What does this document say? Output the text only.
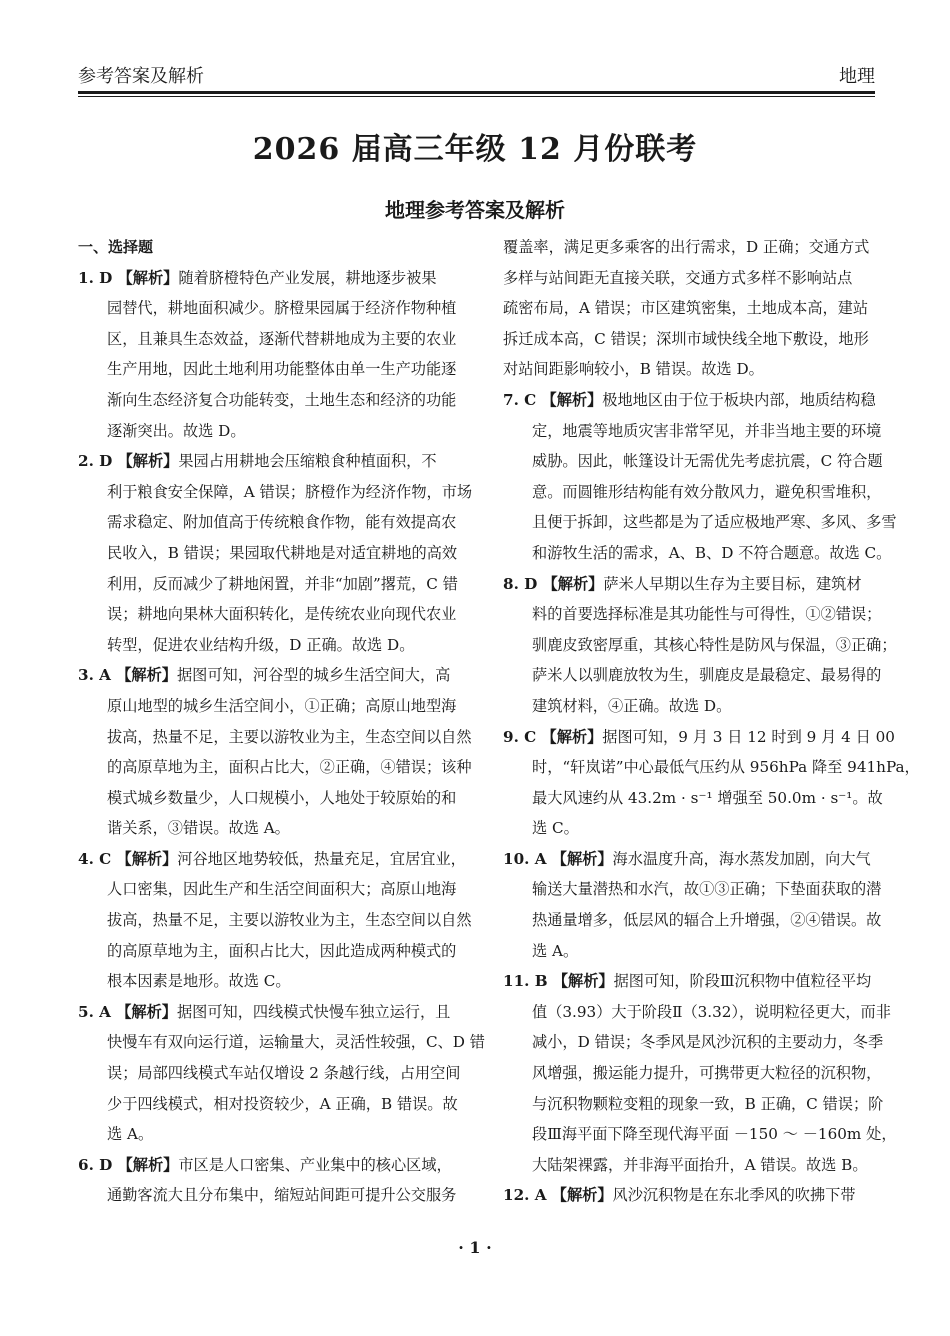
参考答案及解析	地理
2026 届高三年级 12 月份联考
地理参考答案及解析
一、选择题
1. D 【解析】随着脐橙特色产业发展，耕地逐步被果
园替代，耕地面积减少。脐橙果园属于经济作物种植
区，且兼具生态效益，逐渐代替耕地成为主要的农业
生产用地，因此土地利用功能整体由单一生产功能逐
渐向生态经济复合功能转变，土地生态和经济的功能
逐渐突出。故选 D。
2. D 【解析】果园占用耕地会压缩粮食种植面积，不
利于粮食安全保障，A 错误；脐橙作为经济作物，市场
需求稳定、附加值高于传统粮食作物，能有效提高农
民收入，B 错误；果园取代耕地是对适宜耕地的高效
利用，反而减少了耕地闲置，并非“加剧”撂荒，C 错
误；耕地向果林大面积转化，是传统农业向现代农业
转型，促进农业结构升级，D 正确。故选 D。
3. A 【解析】据图可知，河谷型的城乡生活空间大，高
原山地型的城乡生活空间小，①正确；高原山地型海
拔高，热量不足，主要以游牧业为主，生态空间以自然
的高原草地为主，面积占比大，②正确，④错误；该种
模式城乡数量少，人口规模小，人地处于较原始的和
谐关系，③错误。故选 A。
4. C 【解析】河谷地区地势较低，热量充足，宜居宜业，
人口密集，因此生产和生活空间面积大；高原山地海
拔高，热量不足，主要以游牧业为主，生态空间以自然
的高原草地为主，面积占比大，因此造成两种模式的
根本因素是地形。故选 C。
5. A 【解析】据图可知，四线模式快慢车独立运行，且
快慢车有双向运行道，运输量大，灵活性较强，C、D 错
误；局部四线模式车站仅增设 2 条越行线，占用空间
少于四线模式，相对投资较少，A 正确，B 错误。故
选 A。
6. D 【解析】市区是人口密集、产业集中的核心区域，
通勤客流大且分布集中，缩短站间距可提升公交服务
覆盖率，满足更多乘客的出行需求，D 正确；交通方式
多样与站间距无直接关联，交通方式多样不影响站点
疏密布局，A 错误；市区建筑密集，土地成本高，建站
拆迁成本高，C 错误；深圳市域快线全地下敷设，地形
对站间距影响较小，B 错误。故选 D。
7. C 【解析】极地地区由于位于板块内部，地质结构稳
定，地震等地质灾害非常罕见，并非当地主要的环境
威胁。因此，帐篷设计无需优先考虑抗震，C 符合题
意。而圆锥形结构能有效分散风力，避免积雪堆积，
且便于拆卸，这些都是为了适应极地严寒、多风、多雪
和游牧生活的需求，A、B、D 不符合题意。故选 C。
8. D 【解析】萨米人早期以生存为主要目标，建筑材
料的首要选择标准是其功能性与可得性，①②错误；
驯鹿皮致密厚重，其核心特性是防风与保温，③正确；
萨米人以驯鹿放牧为生，驯鹿皮是最稳定、最易得的
建筑材料，④正确。故选 D。
9. C 【解析】据图可知，9 月 3 日 12 时到 9 月 4 日 00
时，“轩岚诺”中心最低气压约从 956hPa 降至 941hPa，
最大风速约从 43.2m · s⁻¹ 增强至 50.0m · s⁻¹。故
选 C。
10. A 【解析】海水温度升高，海水蒸发加剧，向大气
输送大量潜热和水汽，故①③正确；下垫面获取的潜
热通量增多，低层风的辐合上升增强，②④错误。故
选 A。
11. B 【解析】据图可知，阶段Ⅲ沉积物中值粒径平均
值（3.93）大于阶段Ⅱ（3.32），说明粒径更大，而非
减小，D 错误；冬季风是风沙沉积的主要动力，冬季
风增强，搬运能力提升，可携带更大粒径的沉积物，
与沉积物颗粒变粗的现象一致，B 正确，C 错误；阶
段Ⅲ海平面下降至现代海平面 －150 ～ －160m 处，
大陆架裸露，并非海平面抬升，A 错误。故选 B。
12. A 【解析】风沙沉积物是在东北季风的吹拂下带
· 1 ·
